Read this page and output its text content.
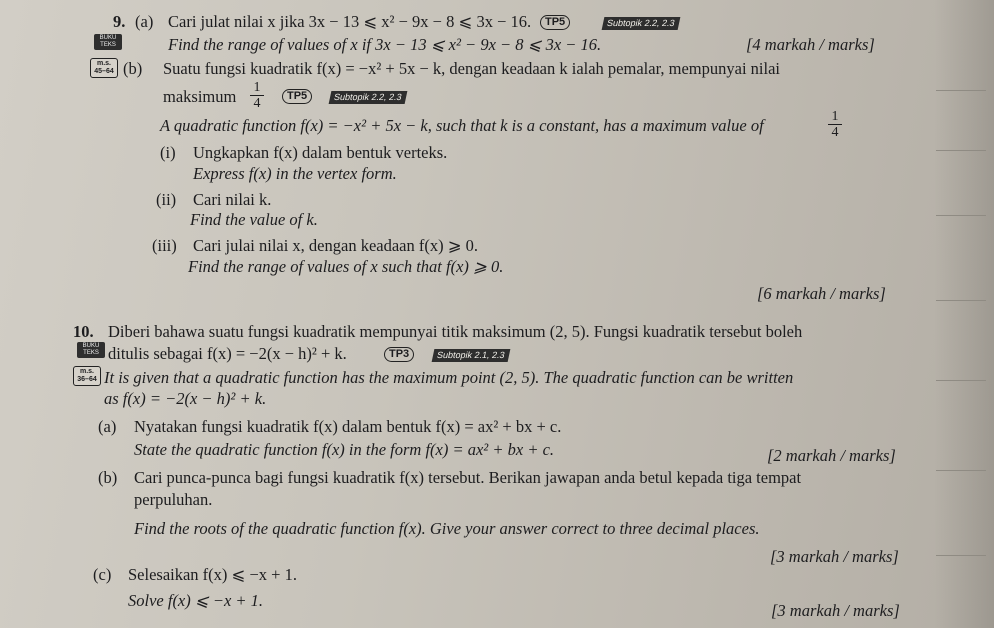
9. (a) Cari julat nilai x jika 3x − 13 ⩽ x² − 9x − 8 ⩽ 3x − 16.	TP5	Subtopik 2.2, 2.3
BUKU TEKS	Find the range of values of x if 3x − 13 ⩽ x² − 9x − 8 ⩽ 3x − 16.	[4 markah / marks]
m.s. 45–64 (b) Suatu fungsi kuadratik f(x) = −x² + 5x − k, dengan keadaan k ialah pemalar, mempunyai nilai
maksimum $\frac{1}{4}$	TP5	Subtopik 2.2, 2.3
A quadratic function f(x) = −x² + 5x − k, such that k is a constant, has a maximum value of	$\frac{1}{4}$
(i) Ungkapkan f(x) dalam bentuk verteks.
Express f(x) in the vertex form.
(ii) Cari nilai k.
Find the value of k.
(iii) Cari julai nilai x, dengan keadaan f(x) ⩾ 0.
Find the range of values of x such that f(x) ⩾ 0.
[6 markah / marks]
10. Diberi bahawa suatu fungsi kuadratik mempunyai titik maksimum (2, 5). Fungsi kuadratik tersebut boleh
BUKU TEKS ditulis sebagai f(x) = −2(x − h)² + k.	TP3	Subtopik 2.1, 2.3
m.s. 36–64 It is given that a quadratic function has the maximum point (2, 5). The quadratic function can be written
as f(x) = −2(x − h)² + k.
(a) Nyatakan fungsi kuadratik f(x) dalam bentuk f(x) = ax² + bx + c.
State the quadratic function f(x) in the form f(x) = ax² + bx + c.	[2 markah / marks]
(b) Cari punca-punca bagi fungsi kuadratik f(x) tersebut. Berikan jawapan anda betul kepada tiga tempat
perpuluhan.
Find the roots of the quadratic function f(x). Give your answer correct to three decimal places.
[3 markah / marks]
(c) Selesaikan f(x) ⩽ −x + 1.
Solve f(x) ⩽ −x + 1.
[3 markah / marks]
